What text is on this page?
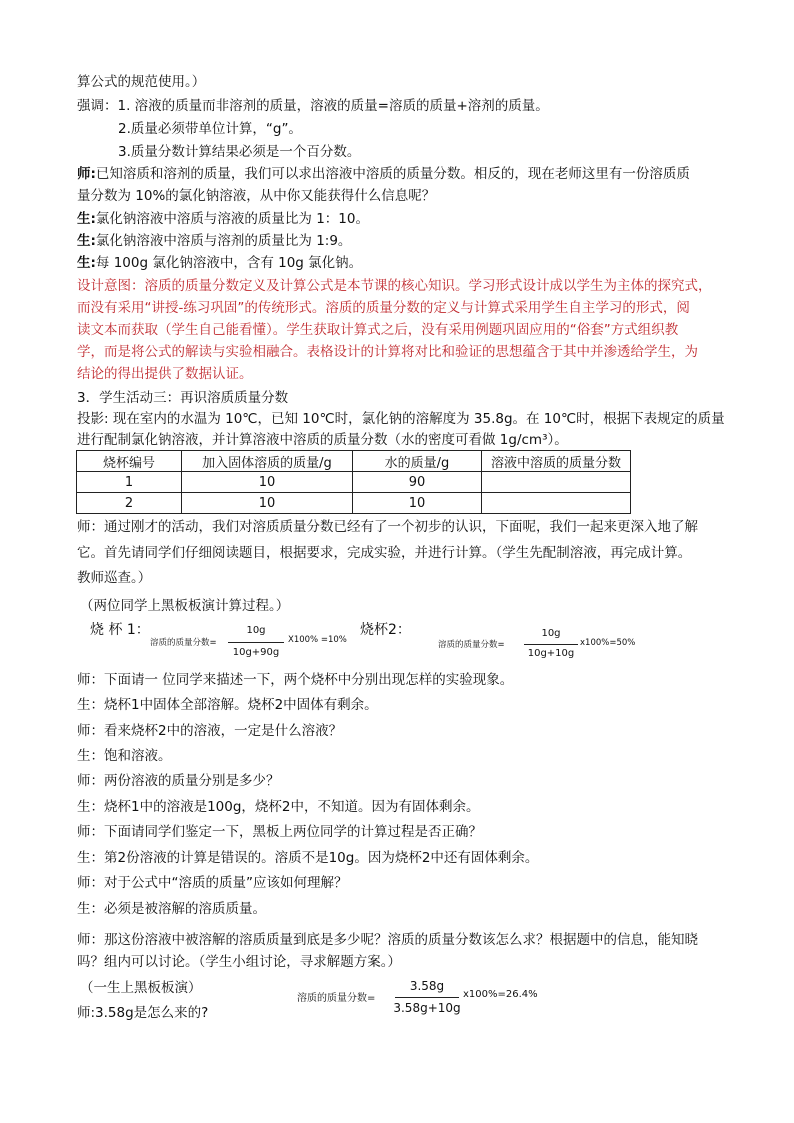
算公式的规范使用。）
强调：1. 溶液的质量而非溶剂的质量，溶液的质量=溶质的质量+溶剂的质量。
2.质量必须带单位计算，“g”。
3.质量分数计算结果必须是一个百分数。
师:已知溶质和溶剂的质量，我们可以求出溶液中溶质的质量分数。相反的，现在老师这里有一份溶质质
量分数为 10%的氯化钠溶液，从中你又能获得什么信息呢？
生:氯化钠溶液中溶质与溶液的质量比为 1：10。
生:氯化钠溶液中溶质与溶剂的质量比为 1:9。
生:每 100g 氯化钠溶液中，含有 10g 氯化钠。
设计意图：溶质的质量分数定义及计算公式是本节课的核心知识。学习形式设计成以学生为主体的探究式，
而没有采用“讲授-练习巩固”的传统形式。溶质的质量分数的定义与计算式采用学生自主学习的形式，阅
读文本而获取（学生自己能看懂）。学生获取计算式之后，没有采用例题巩固应用的“俗套”方式组织教
学，而是将公式的解读与实验相融合。表格设计的计算将对比和验证的思想蕴含于其中并渗透给学生，为
结论的得出提供了数据认证。
3．学生活动三：再识溶质质量分数
投影: 现在室内的水温为 10℃，已知 10℃时，氯化钠的溶解度为 35.8g。在 10℃时，根据下表规定的质量
进行配制氯化钠溶液，并计算溶液中溶质的质量分数（水的密度可看做 1g/cm³）。
烧杯编号	加入固体溶质的质量/g	水的质量/g	溶液中溶质的质量分数
1	10	90	
2	10	10	
师：通过刚才的活动，我们对溶质质量分数已经有了一个初步的认识，下面呢，我们一起来更深入地了解
它。首先请同学们仔细阅读题目，根据要求，完成实验，并进行计算。（学生先配制溶液，再完成计算。
教师巡查。）
（两位同学上黑板板演计算过程。）
烧 杯 1：
溶质的质量分数=
10g
10g+90g
X100% =10%
烧杯2：
溶质的质量分数=
10g
10g+10g
x100%=50%
师：下面请一 位同学来描述一下，两个烧杯中分别出现怎样的实验现象。
生：烧杯1中固体全部溶解。烧杯2中固体有剩余。
师：看来烧杯2中的溶液，一定是什么溶液？
生：饱和溶液。
师：两份溶液的质量分别是多少？
生：烧杯1中的溶液是100g，烧杯2中，不知道。因为有固体剩余。
师：下面请同学们鉴定一下，黑板上两位同学的计算过程是否正确？
生：第2份溶液的计算是错误的。溶质不是10g。因为烧杯2中还有固体剩余。
师：对于公式中“溶质的质量”应该如何理解？
生：必须是被溶解的溶质质量。
师：那这份溶液中被溶解的溶质质量到底是多少呢？溶质的质量分数该怎么求？根据题中的信息，能知晓
吗？组内可以讨论。（学生小组讨论，寻求解题方案。）
（一生上黑板板演）
溶质的质量分数=
3.58g
3.58g+10g
x100%=26.4%
师:3.58g是怎么来的?
